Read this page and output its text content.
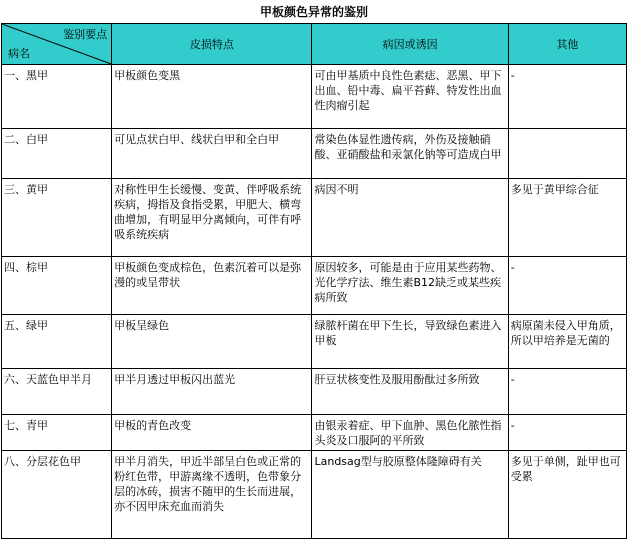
甲板颜色异常的鉴别
鉴别要点
病名	皮损特点	病因或诱因	其他
一、黑甲	甲板颜色变黑	可由甲基质中良性色素痣、恶黑、甲下出血、铅中毒、扁平苔藓、特发性出血性肉瘤引起	-
二、白甲	可见点状白甲、线状白甲和全白甲	常染色体显性遗传病，外伤及接触硝酸、亚硝酸盐和汞氯化钠等可造成白甲	
三、黄甲	对称性甲生长缓慢、变黄、伴呼吸系统疾病，拇指及食指受累，甲肥大、横弯曲增加，有明显甲分离倾向，可伴有呼吸系统疾病	病因不明	多见于黄甲综合征
四、棕甲	甲板颜色变成棕色，色素沉着可以是弥漫的或呈带状	原因较多，可能是由于应用某些药物、光化学疗法、维生素B12缺乏或某些疾病所致	-
五、绿甲	甲板呈绿色	绿脓杆菌在甲下生长，导致绿色素进入甲板	病原菌未侵入甲角质，所以甲培养是无菌的
六、天蓝色甲半月	甲半月透过甲板闪出蓝光	肝豆状核变性及服用酚酞过多所致	-
七、青甲	甲板的青色改变	由银汞着症、甲下血肿、黑色化脓性指头炎及口服阿的平所致	-
八、分层花色甲	甲半月消失，甲近半部呈白色或正常的粉红色带，甲游离缘不透明，色带象分层的冰砖，损害不随甲的生长而进展，亦不因甲床充血而消失	Landsag型与胶原整体隆障碍有关	多见于单侧，趾甲也可受累
